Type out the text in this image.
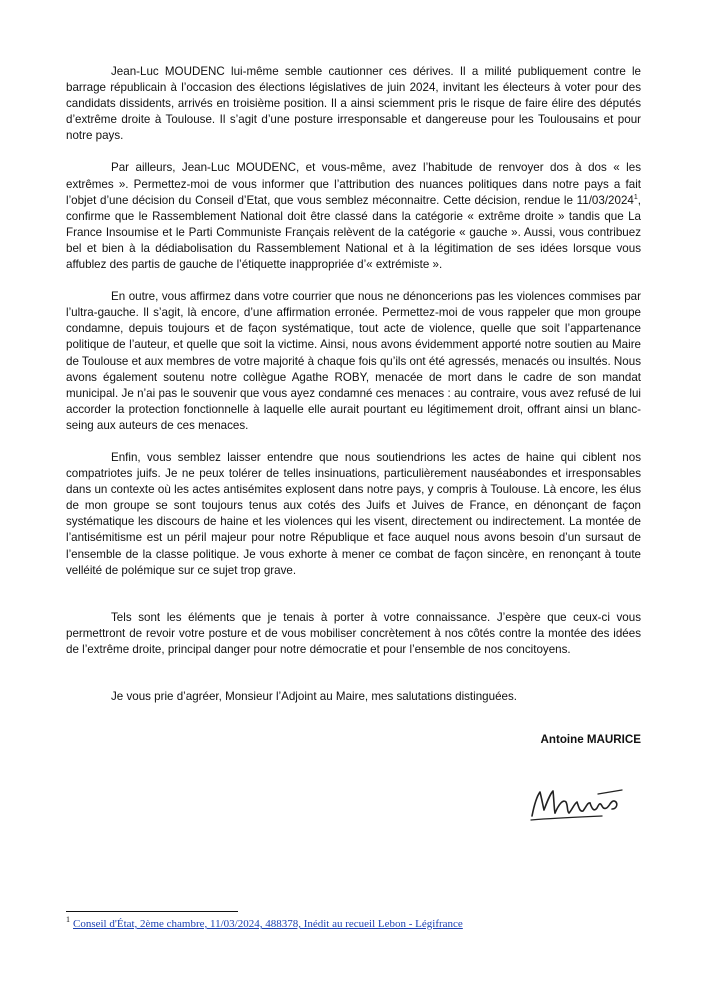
Jean-Luc MOUDENC lui-même semble cautionner ces dérives. Il a milité publiquement contre le barrage républicain à l’occasion des élections législatives de juin 2024, invitant les électeurs à voter pour des candidats dissidents, arrivés en troisième position. Il a ainsi sciemment pris le risque de faire élire des députés d’extrême droite à Toulouse. Il s’agit d’une posture irresponsable et dangereuse pour les Toulousains et pour notre pays.

Par ailleurs, Jean-Luc MOUDENC, et vous-même, avez l’habitude de renvoyer dos à dos « les extrêmes ». Permettez-moi de vous informer que l’attribution des nuances politiques dans notre pays a fait l’objet d’une décision du Conseil d’Etat, que vous semblez méconnaitre. Cette décision, rendue le 11/03/2024$^1$, confirme que le Rassemblement National doit être classé dans la catégorie « extrême droite » tandis que La France Insoumise et le Parti Communiste Français relèvent de la catégorie « gauche ». Aussi, vous contribuez bel et bien à la dédiabolisation du Rassemblement National et à la légitimation de ses idées lorsque vous affublez des partis de gauche de l’étiquette inappropriée d’« extrémiste ».

En outre, vous affirmez dans votre courrier que nous ne dénoncerions pas les violences commises par l’ultra-gauche. Il s’agit, là encore, d’une affirmation erronée. Permettez-moi de vous rappeler que mon groupe condamne, depuis toujours et de façon systématique, tout acte de violence, quelle que soit l’appartenance politique de l’auteur, et quelle que soit la victime. Ainsi, nous avons évidemment apporté notre soutien au Maire de Toulouse et aux membres de votre majorité à chaque fois qu’ils ont été agressés, menacés ou insultés. Nous avons également soutenu notre collègue Agathe ROBY, menacée de mort dans le cadre de son mandat municipal. Je n’ai pas le souvenir que vous ayez condamné ces menaces : au contraire, vous avez refusé de lui accorder la protection fonctionnelle à laquelle elle aurait pourtant eu légitimement droit, offrant ainsi un blanc-seing aux auteurs de ces menaces.

Enfin, vous semblez laisser entendre que nous soutiendrions les actes de haine qui ciblent nos compatriotes juifs. Je ne peux tolérer de telles insinuations, particulièrement nauséabondes et irresponsables dans un contexte où les actes antisémites explosent dans notre pays, y compris à Toulouse. Là encore, les élus de mon groupe se sont toujours tenus aux cotés des Juifs et Juives de France, en dénonçant de façon systématique les discours de haine et les violences qui les visent, directement ou indirectement. La montée de l’antisémitisme est un péril majeur pour notre République et face auquel nous avons besoin d’un sursaut de l’ensemble de la classe politique. Je vous exhorte à mener ce combat de façon sincère, en renonçant à toute velléité de polémique sur ce sujet trop grave.

Tels sont les éléments que je tenais à porter à votre connaissance. J’espère que ceux-ci vous permettront de revoir votre posture et de vous mobiliser concrètement à nos côtés contre la montée des idées de l’extrême droite, principal danger pour notre démocratie et pour l’ensemble de nos concitoyens.

Je vous prie d’agréer, Monsieur l’Adjoint au Maire, mes salutations distinguées.

Antoine MAURICE
$^1$ Conseil d'État, 2ème chambre, 11/03/2024, 488378, Inédit au recueil Lebon - Légifrance
